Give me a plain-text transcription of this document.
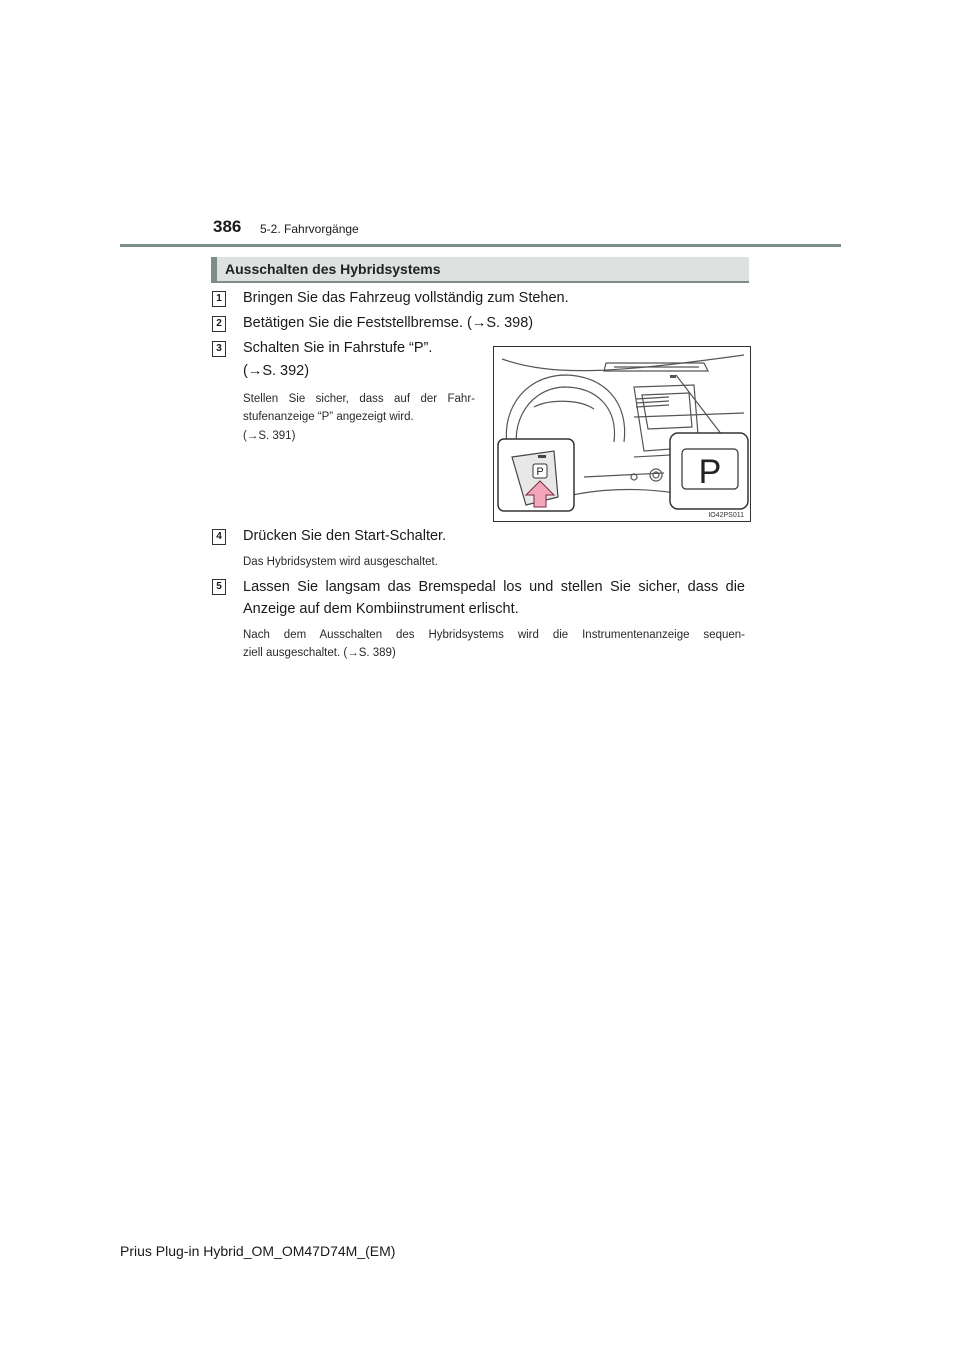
386 5-2. Fahrvorgänge
Ausschalten des Hybridsystems
1 Bringen Sie das Fahrzeug vollständig zum Stehen.
2 Betätigen Sie die Feststellbremse. (→S. 398)
3 Schalten Sie in Fahrstufe “P”.
(→S. 392)
Stellen Sie sicher, dass auf der Fahr-
stufenanzeige “P” angezeigt wird.
(→S. 391)
P	P
IO42PS011
4 Drücken Sie den Start-Schalter.
Das Hybridsystem wird ausgeschaltet.
5 Lassen Sie langsam das Bremspedal los und stellen Sie sicher, dass die
Anzeige auf dem Kombiinstrument erlischt.
Nach dem Ausschalten des Hybridsystems wird die Instrumentenanzeige sequen-
ziell ausgeschaltet. (→S. 389)
Prius Plug-in Hybrid_OM_OM47D74M_(EM)
